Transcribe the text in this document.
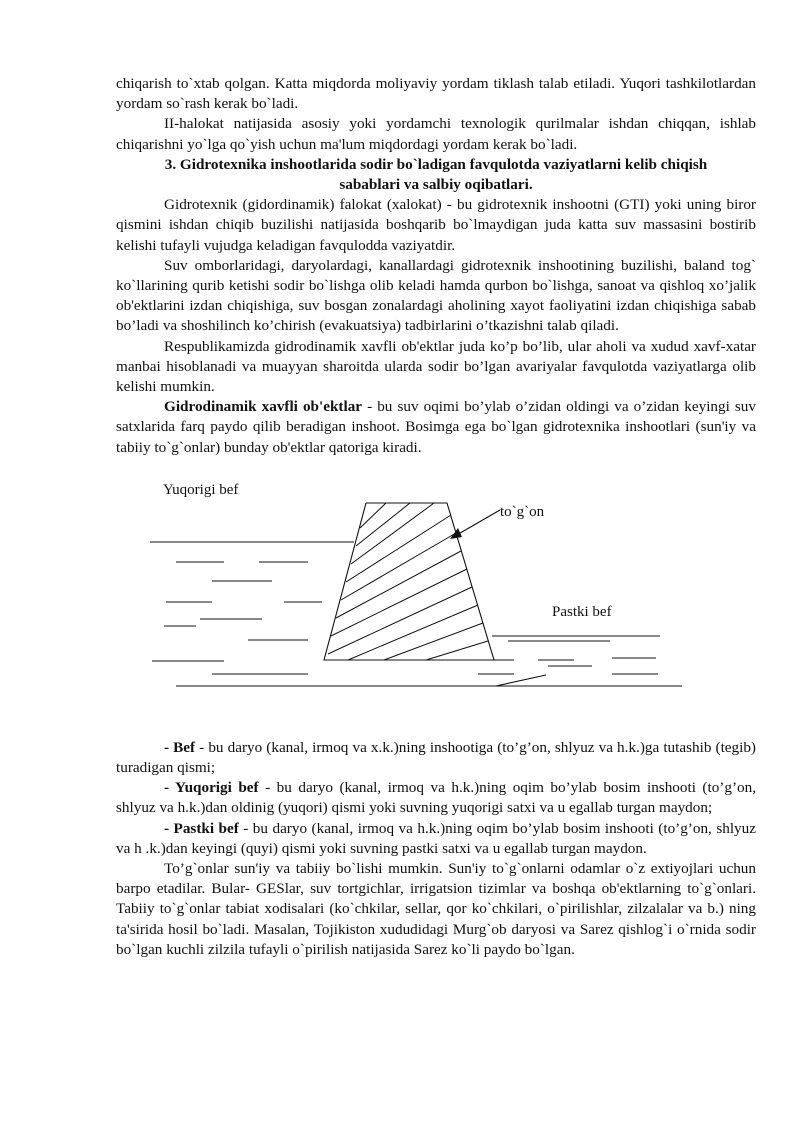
chiqarish to`xtab qolgan. Katta miqdorda moliyaviy yordam tiklash talab etiladi. Yuqori tashkilotlardan yordam so`rash kerak bo`ladi.

II-halokat natijasida asosiy yoki yordamchi texnologik qurilmalar ishdan chiqqan, ishlab chiqarishni yo`lga qo`yish uchun ma'lum miqdordagi yordam kerak bo`ladi.

3. Gidrotexnika inshootlarida sodir bo`ladigan favqulotda vaziyatlarni kelib chiqish sabablari va salbiy oqibatlari.

Gidrotexnik (gidordinamik) falokat (xalokat) - bu gidrotexnik inshootni (GTI) yoki uning biror qismini ishdan chiqib buzilishi natijasida boshqarib bo`lmaydigan juda katta suv massasini bostirib kelishi tufayli vujudga keladigan favqulodda vaziyatdir.

Suv omborlaridagi, daryolardagi, kanallardagi gidrotexnik inshootining buzilishi, baland tog` ko`llarining qurib ketishi sodir bo`lishga olib keladi hamda qurbon bo`lishga, sanoat va qishloq xo’jalik ob'ektlarini izdan chiqishiga, suv bosgan zonalardagi aholining xayot faoliyatini izdan chiqishiga sabab bo’ladi va shoshilinch ko’chirish (evakuatsiya) tadbirlarini o’tkazishni talab qiladi.

Respublikamizda gidrodinamik xavfli ob'ektlar juda ko’p bo’lib, ular aholi va xudud xavf-xatar manbai hisoblanadi va muayyan sharoitda ularda sodir bo’lgan avariyalar favqulotda vaziyatlarga olib kelishi mumkin.

Gidrodinamik xavfli ob'ektlar - bu suv oqimi bo’ylab o’zidan oldingi va o’zidan keyingi suv satxlarida farq paydo qilib beradigan inshoot. Bosimga ega bo`lgan gidrotexnika inshootlari (sun'iy va tabiiy to`g`onlar) bunday ob'ektlar qatoriga kiradi.

Yuqorigi bef
to`g`on
Pastki bef

- Bef - bu daryo (kanal, irmoq va x.k.)ning inshootiga (to’g’on, shlyuz va h.k.)ga tutashib (tegib) turadigan qismi;

- Yuqorigi bef - bu daryo (kanal, irmoq va h.k.)ning oqim bo’ylab bosim inshooti (to’g’on, shlyuz va h.k.)dan oldinig (yuqori) qismi yoki suvning yuqorigi satxi va u egallab turgan maydon;

- Pastki bef - bu daryo (kanal, irmoq va h.k.)ning oqim bo’ylab bosim inshooti (to’g’on, shlyuz va h .k.)dan keyingi (quyi) qismi yoki suvning pastki satxi va u egallab turgan maydon.

To’g`onlar sun'iy va tabiiy bo`lishi mumkin. Sun'iy to`g`onlarni odamlar o`z extiyojlari uchun barpo etadilar. Bular- GESlar, suv tortgichlar, irrigatsion tizimlar va boshqa ob'ektlarning to`g`onlari. Tabiiy to`g`onlar tabiat xodisalari (ko`chkilar, sellar, qor ko`chkilari, o`pirilishlar, zilzalalar va b.) ning ta'sirida hosil bo`ladi. Masalan, Tojikiston xududidagi Murg`ob daryosi va Sarez qishlog`i o`rnida sodir bo`lgan kuchli zilzila tufayli o`pirilish natijasida Sarez ko`li paydo bo`lgan.
